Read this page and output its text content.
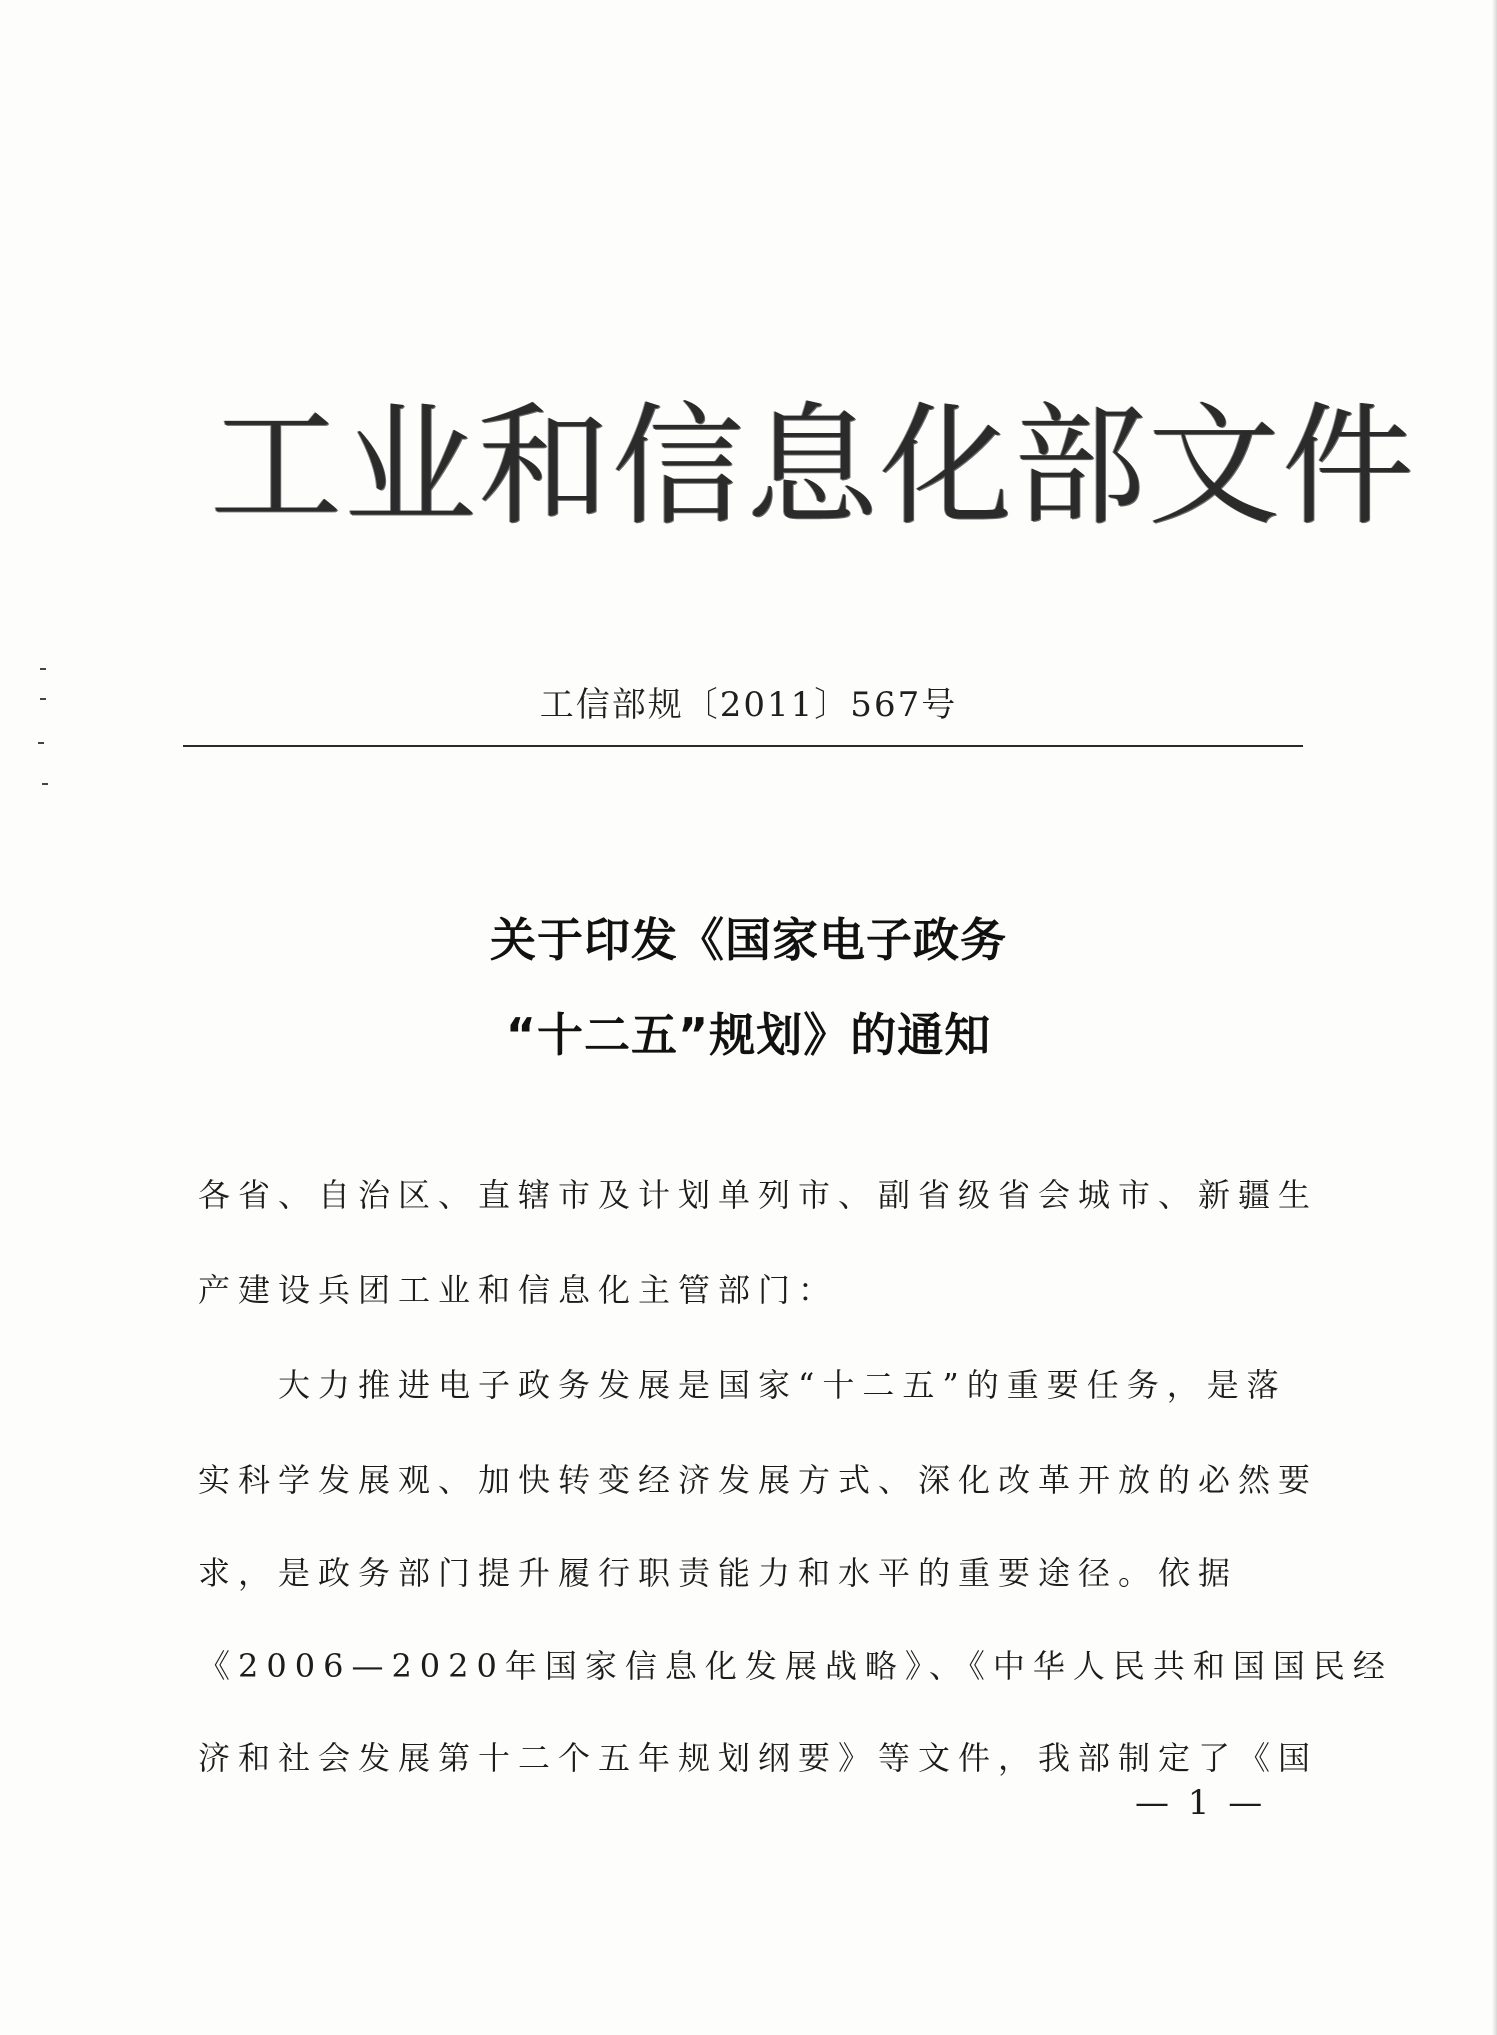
工业和信息化部文件
工信部规〔2011〕567号
关于印发《国家电子政务
“十二五”规划》的通知
各省、自治区、直辖市及计划单列市、副省级省会城市、新疆生
产建设兵团工业和信息化主管部门：
大力推进电子政务发展是国家“十二五”的重要任务，是落
实科学发展观、加快转变经济发展方式、深化改革开放的必然要
求，是政务部门提升履行职责能力和水平的重要途径。依据
《2006—2020年国家信息化发展战略》、《中华人民共和国国民经
济和社会发展第十二个五年规划纲要》等文件，我部制定了《国
— 1 —
